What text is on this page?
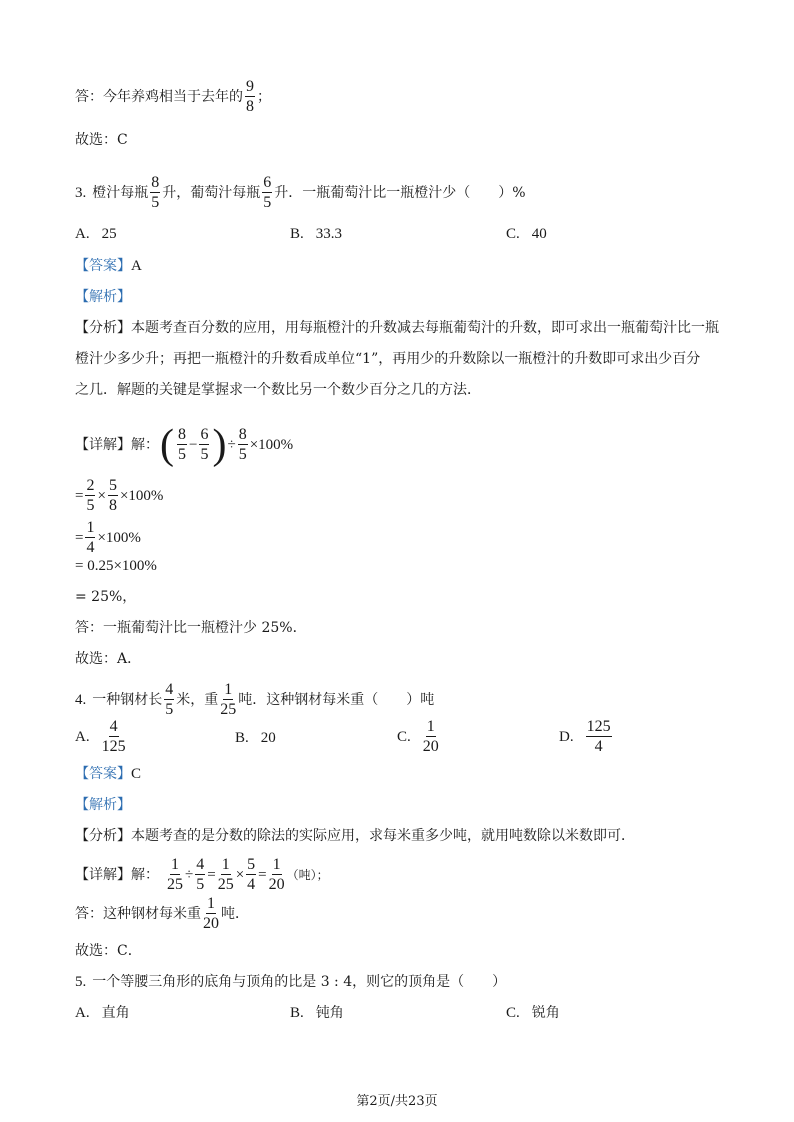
答：今年养鸡相当于去年的 $\frac{9}{8}$ ；
故选：C
3. 橙汁每瓶 $\frac{8}{5}$ 升，葡萄汁每瓶 $\frac{6}{5}$ 升．一瓶葡萄汁比一瓶橙汁少（　　）%
A. 25	B. 33.3	C. 40
【答案】 A
【解析】
【分析】 本题考查百分数的应用，用每瓶橙汁的升数减去每瓶葡萄汁的升数，即可求出一瓶葡萄汁比一瓶
橙汁少多少升；再把一瓶橙汁的升数看成单位“1”，再用少的升数除以一瓶橙汁的升数即可求出少百分
之几．解题的关键是掌握求一个数比另一个数少百分之几的方法．
【详解】 解： ( $\frac{8}{5} - \frac{6}{5}$ ) ÷ $\frac{8}{5} \times 100\%$
= $\frac{2}{5} \times \frac{5}{8} \times 100\%$
= $\frac{1}{4} \times 100\%$
= 0.25×100%
= 25%，
答：一瓶葡萄汁比一瓶橙汁少 25%．
故选：A．
4. 一种钢材长 $\frac{4}{5}$ 米，重 $\frac{1}{25}$ 吨．这种钢材每米重（　　）吨
A. $\frac{4}{125}$	B. 20	C. $\frac{1}{20}$	D. $\frac{125}{4}$
【答案】 C
【解析】
【分析】 本题考查的是分数的除法的实际应用，求每米重多少吨，就用吨数除以米数即可．
【详解】 解： $\frac{1}{25} \div \frac{4}{5} = \frac{1}{25} \times \frac{5}{4} = \frac{1}{20}$ （吨）；
答：这种钢材每米重 $\frac{1}{20}$ 吨．
故选：C．
5. 一个等腰三角形的底角与顶角的比是 3 : 4，则它的顶角是（　　）
A. 直角	B. 钝角	C. 锐角
第2页/共23页
